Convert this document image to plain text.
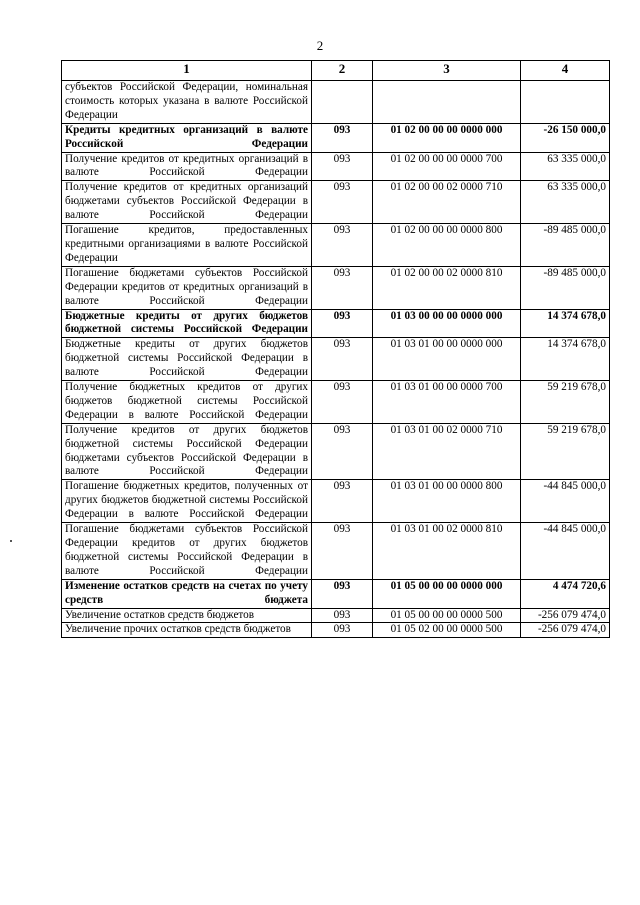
2
1	2	3	4
субъектов Российской Федерации, номинальная стоимость которых указана в валюте Российской Федерации			
Кредиты кредитных организаций в валюте Российской Федерации	093	01 02 00 00 00 0000 000	-26 150 000,0
Получение кредитов от кредитных организаций в валюте Российской Федерации	093	01 02 00 00 00 0000 700	63 335 000,0
Получение кредитов от кредитных организаций бюджетами субъектов Российской Федерации в валюте Российской Федерации	093	01 02 00 00 02 0000 710	63 335 000,0
Погашение кредитов, предоставленных кредитными организациями в валюте Российской Федерации	093	01 02 00 00 00 0000 800	-89 485 000,0
Погашение бюджетами субъектов Российской Федерации кредитов от кредитных организаций в валюте Российской Федерации	093	01 02 00 00 02 0000 810	-89 485 000,0
Бюджетные кредиты от других бюджетов бюджетной системы Российской Федерации	093	01 03 00 00 00 0000 000	14 374 678,0
Бюджетные кредиты от других бюджетов бюджетной системы Российской Федерации в валюте Российской Федерации	093	01 03 01 00 00 0000 000	14 374 678,0
Получение бюджетных кредитов от других бюджетов бюджетной системы Российской Федерации в валюте Российской Федерации	093	01 03 01 00 00 0000 700	59 219 678,0
Получение кредитов от других бюджетов бюджетной системы Российской Федерации бюджетами субъектов Российской Федерации в валюте Российской Федерации	093	01 03 01 00 02 0000 710	59 219 678,0
Погашение бюджетных кредитов, полученных от других бюджетов бюджетной системы Российской Федерации в валюте Российской Федерации	093	01 03 01 00 00 0000 800	-44 845 000,0
Погашение бюджетами субъектов Российской Федерации кредитов от других бюджетов бюджетной системы Российской Федерации в валюте Российской Федерации	093	01 03 01 00 02 0000 810	-44 845 000,0
Изменение остатков средств на счетах по учету средств бюджета	093	01 05 00 00 00 0000 000	4 474 720,6
Увеличение остатков средств бюджетов	093	01 05 00 00 00 0000 500	-256 079 474,0
Увеличение прочих остатков средств бюджетов	093	01 05 02 00 00 0000 500	-256 079 474,0
